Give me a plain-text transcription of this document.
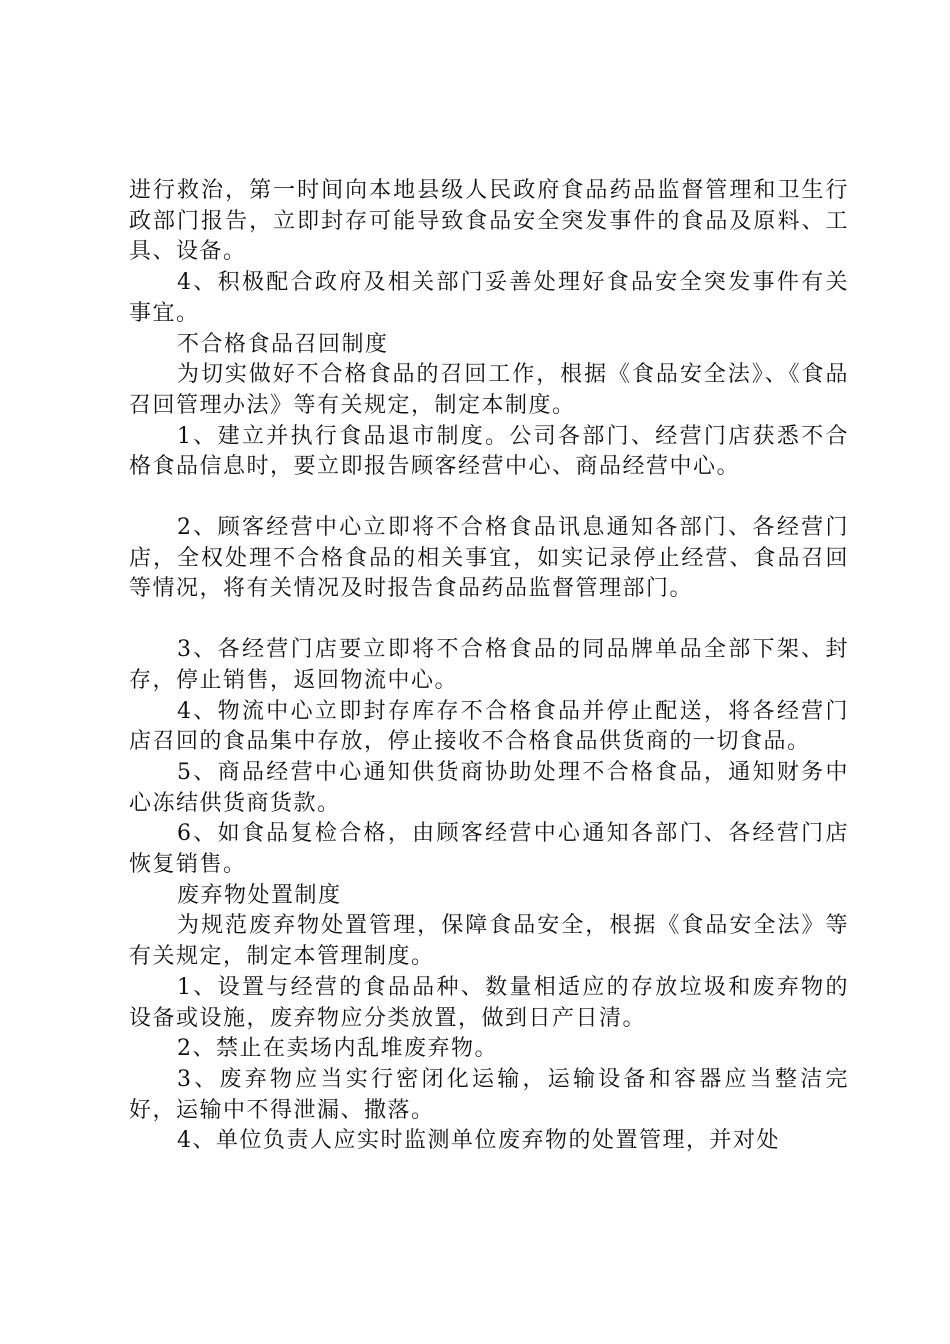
进行救治，第一时间向本地县级人民政府食品药品监督管理和卫生行政部门报告，立即封存可能导致食品安全突发事件的食品及原料、工具、设备。

4、积极配合政府及相关部门妥善处理好食品安全突发事件有关事宜。

不合格食品召回制度

为切实做好不合格食品的召回工作，根据《食品安全法》、《食品召回管理办法》等有关规定，制定本制度。

1、建立并执行食品退市制度。公司各部门、经营门店获悉不合格食品信息时，要立即报告顾客经营中心、商品经营中心。

2、顾客经营中心立即将不合格食品讯息通知各部门、各经营门店，全权处理不合格食品的相关事宜，如实记录停止经营、食品召回等情况，将有关情况及时报告食品药品监督管理部门。

3、各经营门店要立即将不合格食品的同品牌单品全部下架、封存，停止销售，返回物流中心。

4、物流中心立即封存库存不合格食品并停止配送，将各经营门店召回的食品集中存放，停止接收不合格食品供货商的一切食品。

5、商品经营中心通知供货商协助处理不合格食品，通知财务中心冻结供货商货款。

6、如食品复检合格，由顾客经营中心通知各部门、各经营门店恢复销售。

废弃物处置制度

为规范废弃物处置管理，保障食品安全，根据《食品安全法》等有关规定，制定本管理制度。

1、设置与经营的食品品种、数量相适应的存放垃圾和废弃物的设备或设施，废弃物应分类放置，做到日产日清。

2、禁止在卖场内乱堆废弃物。

3、废弃物应当实行密闭化运输，运输设备和容器应当整洁完好，运输中不得泄漏、撒落。

4、单位负责人应实时监测单位废弃物的处置管理，并对处
